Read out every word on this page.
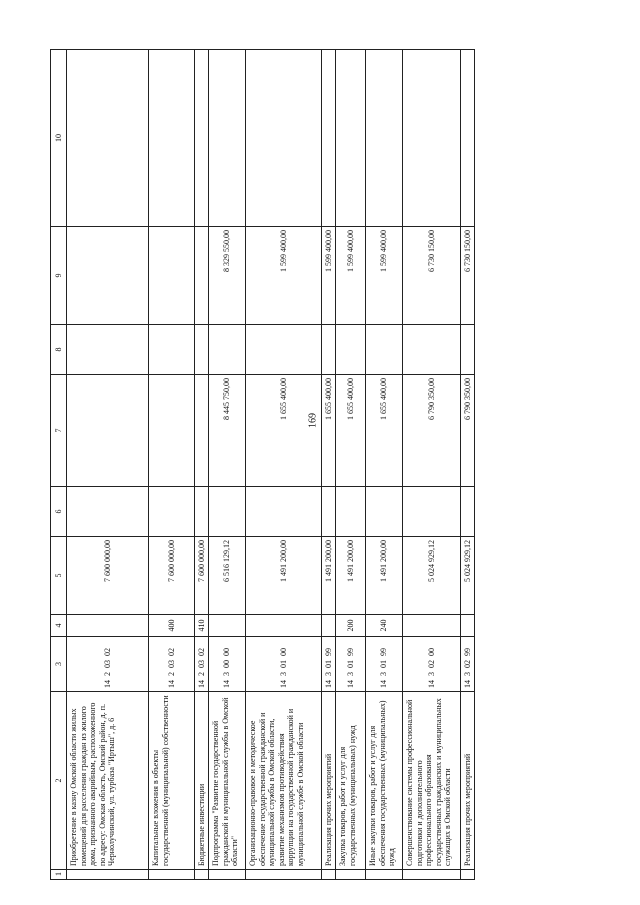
169
1	2	3	4	5	6	7	8	9	10
	Приобретение в казну Омской области жилых помещений для расселения граждан из жилого дома, признанного аварийным, расположенного по адресу: Омская область, Омский район, д. п. Чернолучинский, ул. турбаза "Иртыш", д. 6	14  2  03  02		7 600 000,00					
	Капитальные вложения в объекты государственной (муниципальной) собственности	14  2  03  02	400	7 600 000,00					
	Бюджетные инвестиции	14  2  03  02	410	7 600 000,00					
	Подпрограмма "Развитие государственной гражданской и муниципальной службы в Омской области"	14  3  00  00		6 516 129,12		8 445 750,00		8 329 550,00	
	Организационно-правовое и методическое обеспечение государственной гражданской и муниципальной службы в Омской области, развитие механизмов противодействия коррупции на государственной гражданской и муниципальной службе в Омской области	14  3  01  00		1 491 200,00		1 655 400,00		1 599 400,00	
	Реализация прочих мероприятий	14  3  01  99		1 491 200,00		1 655 400,00		1 599 400,00	
	Закупка товаров, работ и услуг для государственных (муниципальных) нужд	14  3  01  99	200	1 491 200,00		1 655 400,00		1 599 400,00	
	Иные закупки товаров, работ и услуг для обеспечения государственных (муниципальных) нужд	14  3  01  99	240	1 491 200,00		1 655 400,00		1 599 400,00	
	Совершенствование системы профессиональной подготовки и дополнительного профессионального образования государственных гражданских и муниципальных служащих в Омской области	14  3  02  00		5 024 929,12		6 790 350,00		6 730 150,00	
	Реализация прочих мероприятий	14  3  02  99		5 024 929,12		6 790 350,00		6 730 150,00	
